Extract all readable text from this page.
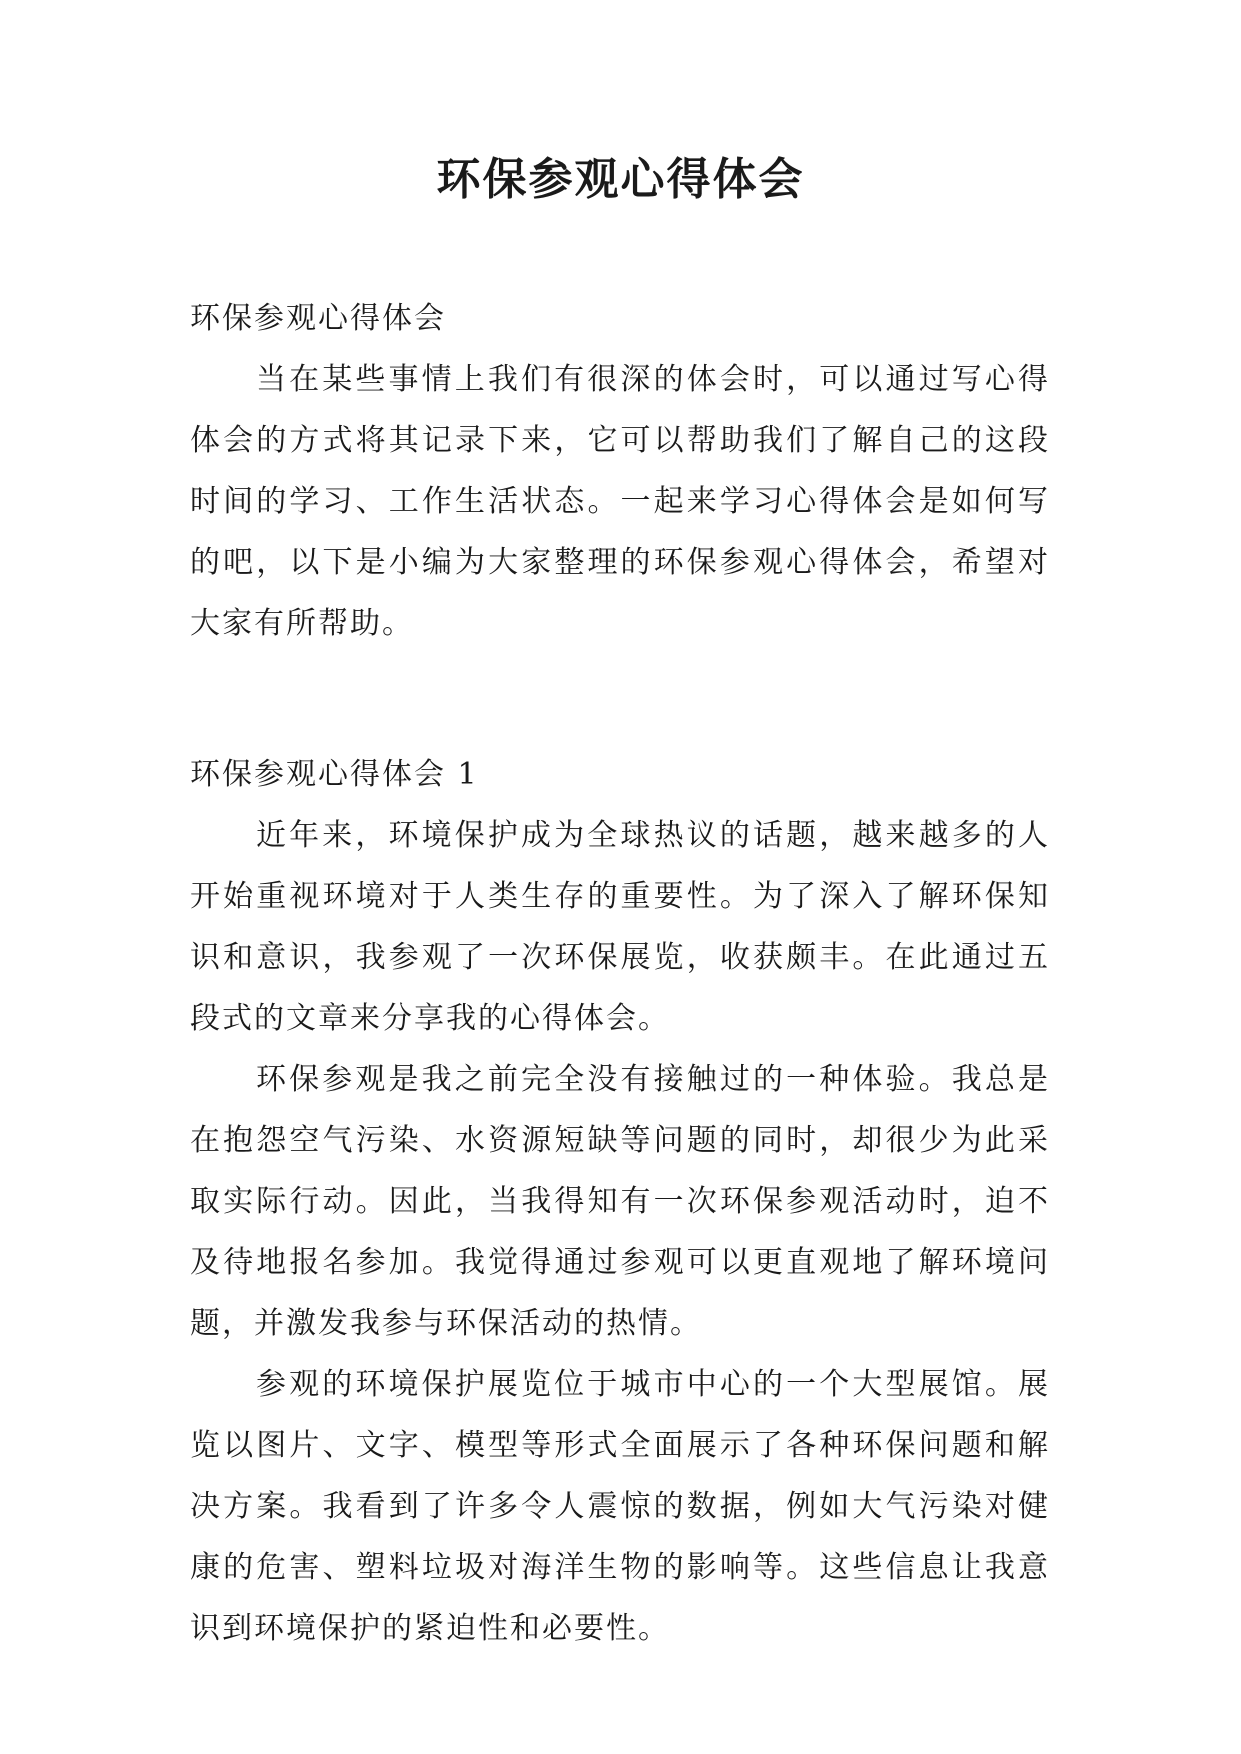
环保参观心得体会

环保参观心得体会

当在某些事情上我们有很深的体会时，可以通过写心得体会的方式将其记录下来，它可以帮助我们了解自己的这段时间的学习、工作生活状态。一起来学习心得体会是如何写的吧，以下是小编为大家整理的环保参观心得体会，希望对大家有所帮助。

环保参观心得体会 1

近年来，环境保护成为全球热议的话题，越来越多的人开始重视环境对于人类生存的重要性。为了深入了解环保知识和意识，我参观了一次环保展览，收获颇丰。在此通过五段式的文章来分享我的心得体会。

环保参观是我之前完全没有接触过的一种体验。我总是在抱怨空气污染、水资源短缺等问题的同时，却很少为此采取实际行动。因此，当我得知有一次环保参观活动时，迫不及待地报名参加。我觉得通过参观可以更直观地了解环境问题，并激发我参与环保活动的热情。

参观的环境保护展览位于城市中心的一个大型展馆。展览以图片、文字、模型等形式全面展示了各种环保问题和解决方案。我看到了许多令人震惊的数据，例如大气污染对健康的危害、塑料垃圾对海洋生物的影响等。这些信息让我意识到环境保护的紧迫性和必要性。
